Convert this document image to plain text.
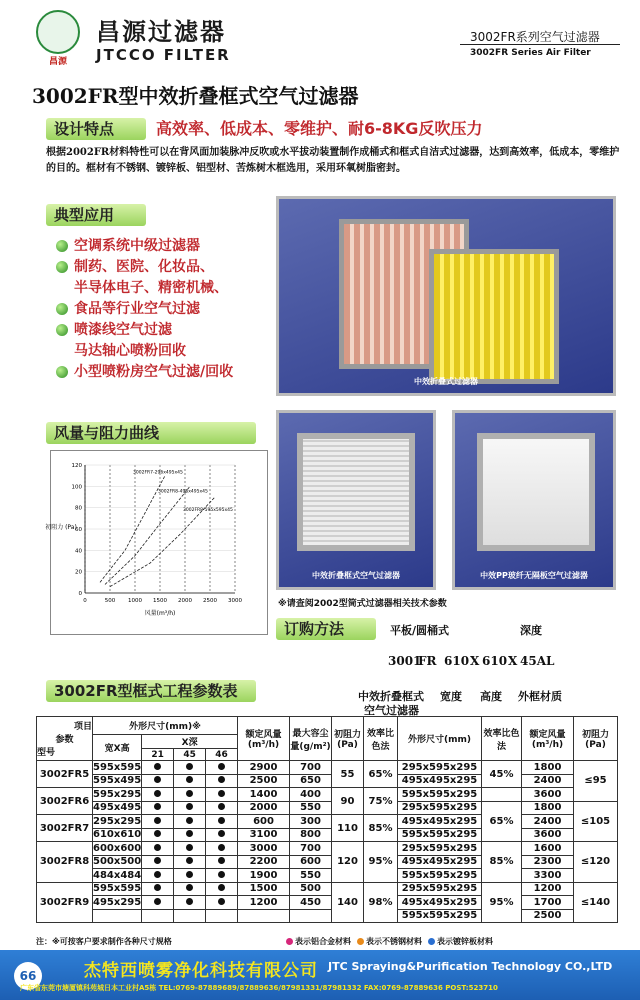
昌源
昌源过滤器
JTCCO FILTER
3002FR系列空气过滤器
3002FR Series Air Filter
3002FR型中效折叠框式空气过滤器
设计特点	高效率、低成本、零维护、耐6-8KG反吹压力
根据2002FR材料特性可以在背风面加装脉冲反吹或水平拔动装置制作成桶式和框式自洁式过滤器，达到高效率，低成本，零维护的目的。框材有不锈钢、镀锌板、铝型材、苦炼树木框选用，采用环氧树脂密封。
典型应用
空调系统中级过滤器
制药、医院、化妆品、
半导体电子、精密机械、
食品等行业空气过滤
喷漆线空气过滤
马达轴心喷粉回收
小型喷粉房空气过滤/回收
中效折叠式过滤器
中效折叠框式空气过滤器	中效PP玻纤无隔板空气过滤器
风量与阻力曲线
0	500 1000 1500 2000 2500 3000
0
20
40
60
80
100
120
3002FR7-296x495x45
3002FR8-495x495x45
3002FR8-595x595x45
风量(m³/h)
初阻力 (Pa)
※请查阅2002型筒式过滤器相关技术参数
订购方法	平板/圆桶式	深度
3001
FR 610 X 610 X 45AL
中效折叠框式
空气过滤器
宽度 高度 外框材质
3002FR型框式工程参数表
项目
参数
型号	外形尺寸(mm)※				额定风量(m³/h)	最大容尘量(g/m²)	初阻力(Pa)	效率比色法	外形尺寸(mm)	效率比色法	额定风量(m³/h)	初阻力(Pa)
	宽X高	X深										
		21	45	46								
3002FR5	595x595				2900	700	55	65%	295x595x295	45%	1800	≤95
	595x495				2500	650			495x495x295		2400	
3002FR6	595x295				1400	400	90	75%	595x595x295		3600	
	495x495				2000	550			295x595x295	65%	1800	≤105
3002FR7	295x295				600	300	110	85%	495x495x295		2400	
	610x610				3100	800			595x595x295		3600	
3002FR8	600x600				3000	700	120	95%	295x595x295	85%	1600	≤120
	500x500				2200	600			495x495x295		2300	
	484x484				1900	550			595x595x295		3300	
3002FR9	595x595				1500	500	140	98%	295x595x295	95%	1200	≤140
	495x295				1200	450			495x495x295		1700	
									595x595x295		2500	
注：※可按客户要求制作各种尺寸规格	表示铝合金材料 表示不锈钢材料 表示镀锌板材料
66	杰特西喷雾净化科技有限公司 JTC Spraying&Purification Technology CO.,LTD
广东省东莞市塘厦镇科苑城日本工业村A5栋 TEL:0769-87889689/87889636/87981331/87981332 FAX:0769-87889636 POST:523710
